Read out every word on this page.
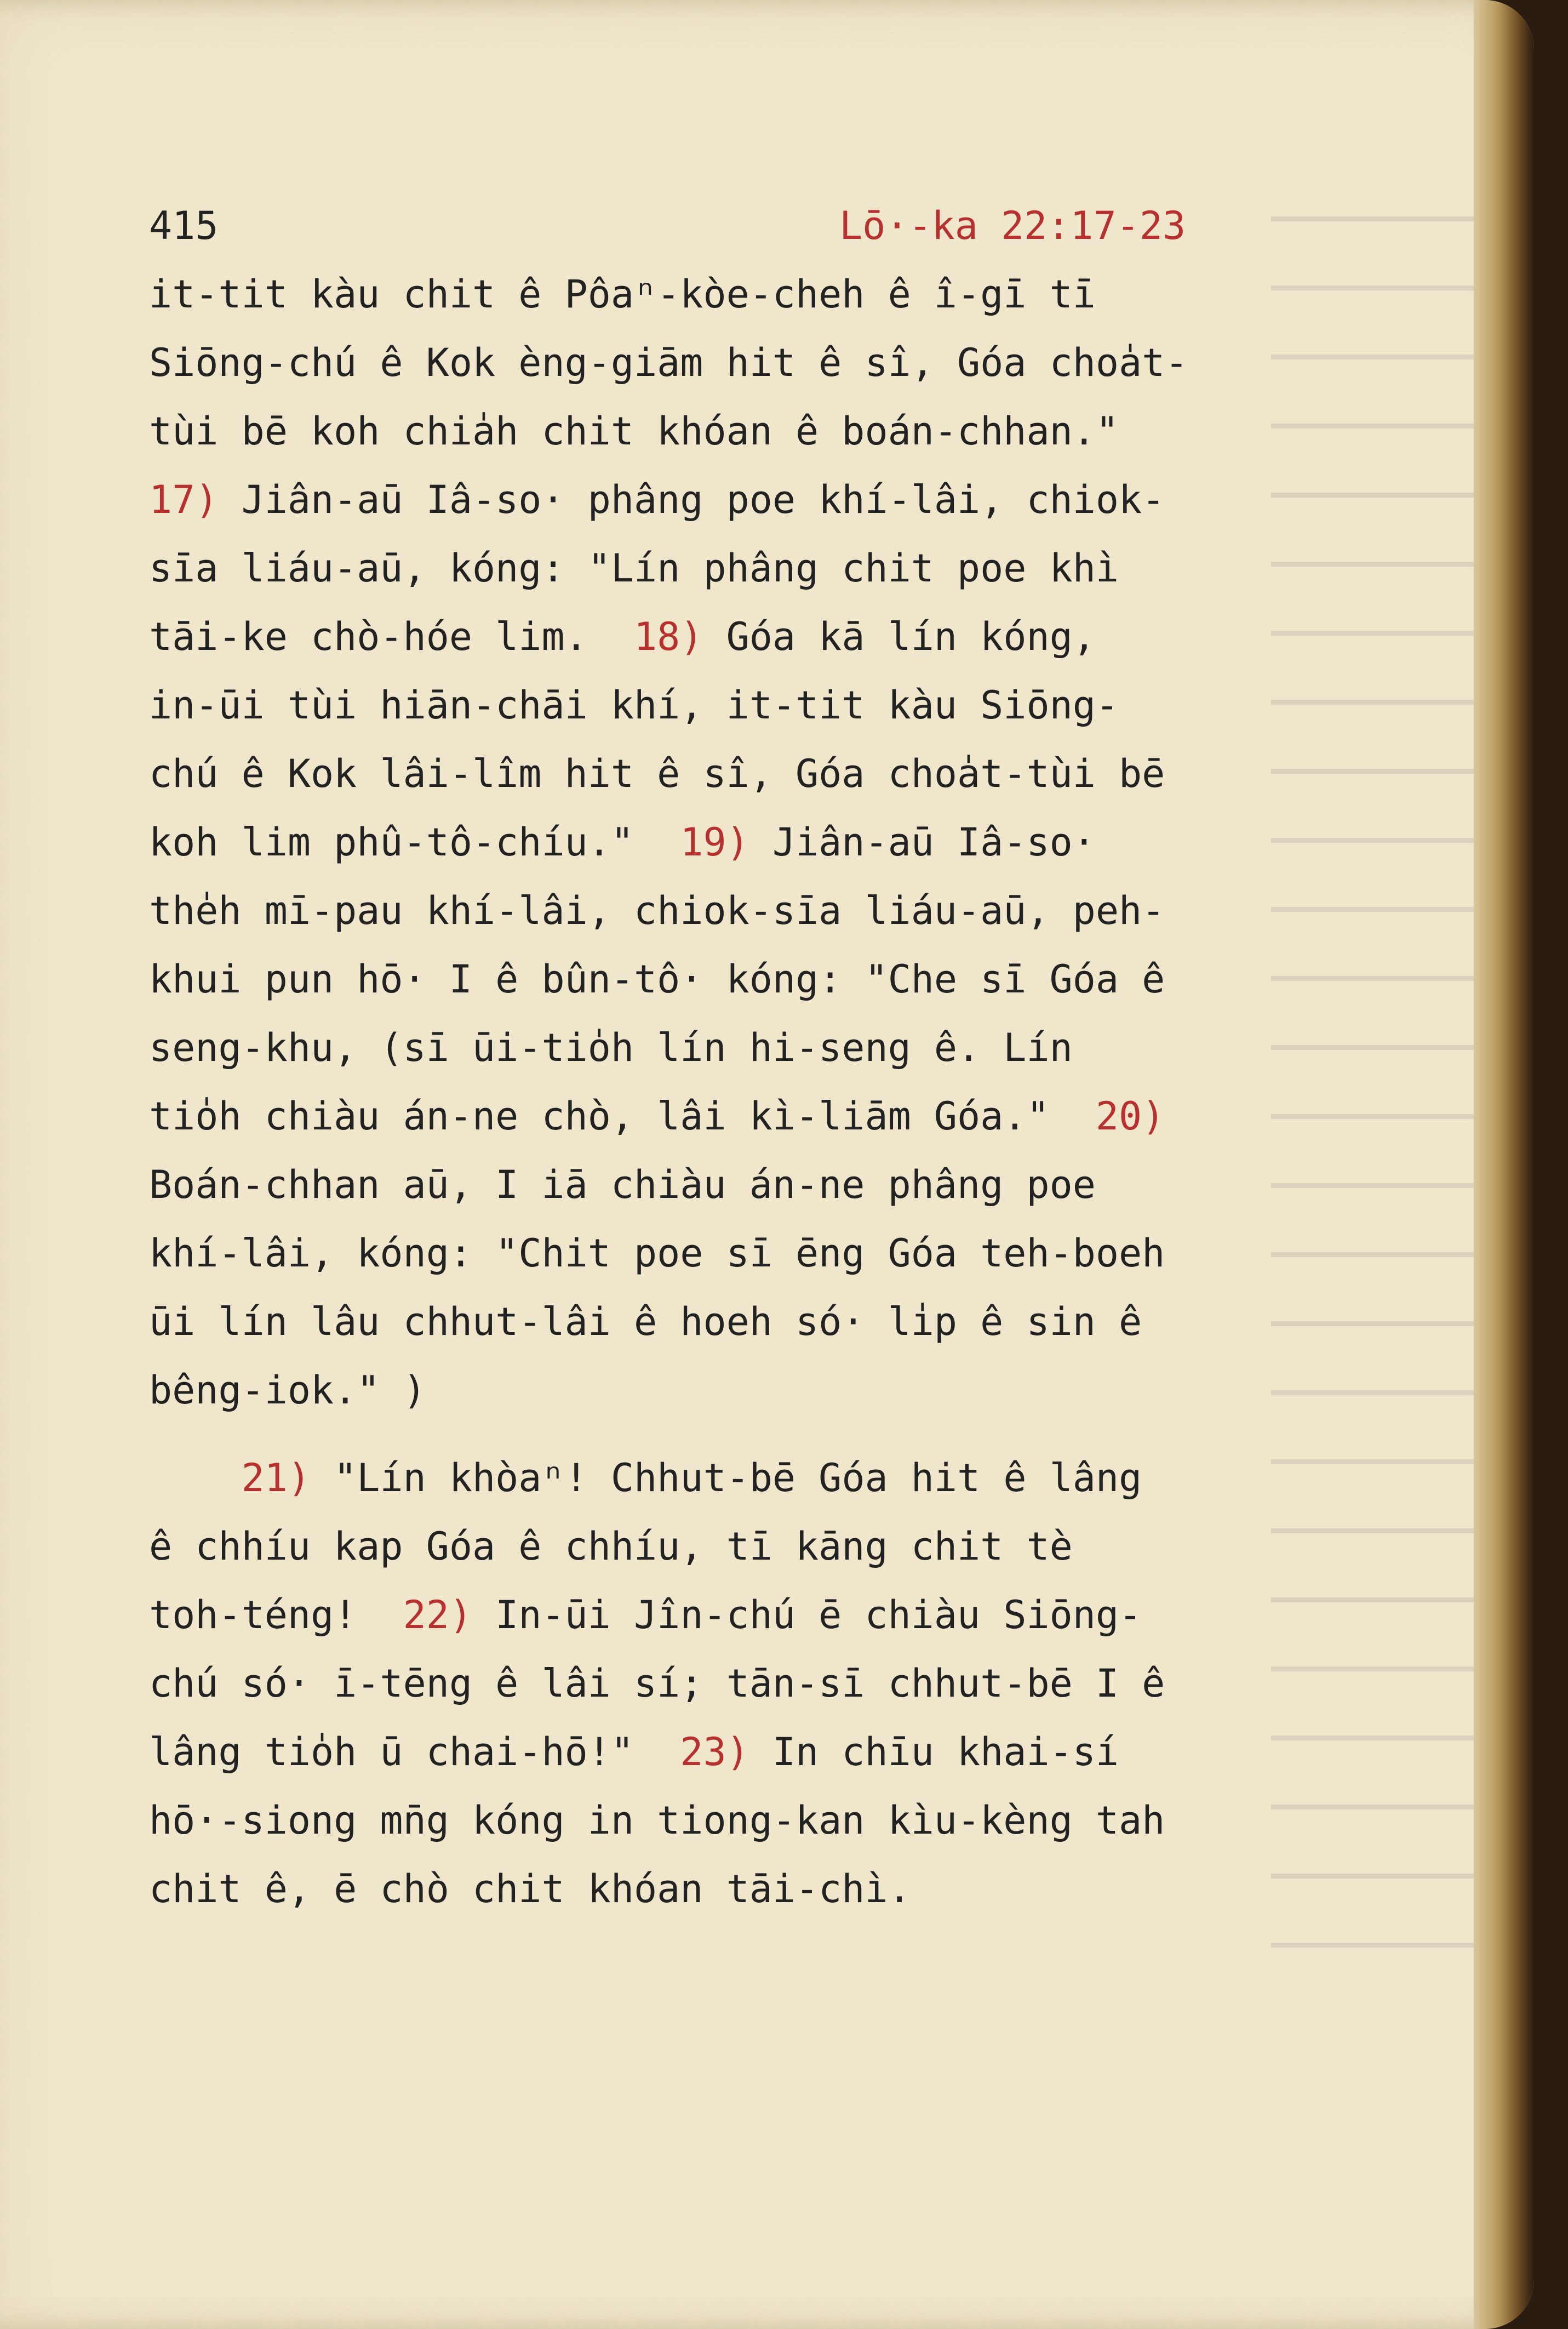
415	Lō·-ka 22:17-23
it-tit kàu chit ê Pôaⁿ-kòe-cheh ê î-gī tī
Siōng-chú ê Kok èng-giām hit ê sî, Góa choa̍t-
tùi bē koh chia̍h chit khóan ê boán-chhan."
17) Jiân-aū Iâ-so· phâng poe khí-lâi, chiok-
sīa liáu-aū, kóng: "Lín phâng chit poe khì
tāi-ke chò-hóe lim.  18) Góa kā lín kóng,
in-ūi tùi hiān-chāi khí, it-tit kàu Siōng-
chú ê Kok lâi-lîm hit ê sî, Góa choa̍t-tùi bē
koh lim phû-tô-chíu."  19) Jiân-aū Iâ-so·
the̍h mī-pau khí-lâi, chiok-sīa liáu-aū, peh-
khui pun hō· I ê bûn-tô· kóng: "Che sī Góa ê
seng-khu, (sī ūi-tio̍h lín hi-seng ê. Lín
tio̍h chiàu án-ne chò, lâi kì-liām Góa."  20)
Boán-chhan aū, I iā chiàu án-ne phâng poe
khí-lâi, kóng: "Chit poe sī ēng Góa teh-boeh
ūi lín lâu chhut-lâi ê hoeh só· li̍p ê sin ê
bêng-iok." )
21) "Lín khòaⁿ! Chhut-bē Góa hit ê lâng
ê chhíu kap Góa ê chhíu, tī kāng chit tè
toh-téng!  22) In-ūi Jîn-chú ē chiàu Siōng-
chú só· ī-tēng ê lâi sí; tān-sī chhut-bē I ê
lâng tio̍h ū chai-hō!"  23) In chīu khai-sí
hō·-siong mn̄g kóng in tiong-kan kìu-kèng tah
chit ê, ē chò chit khóan tāi-chì.
